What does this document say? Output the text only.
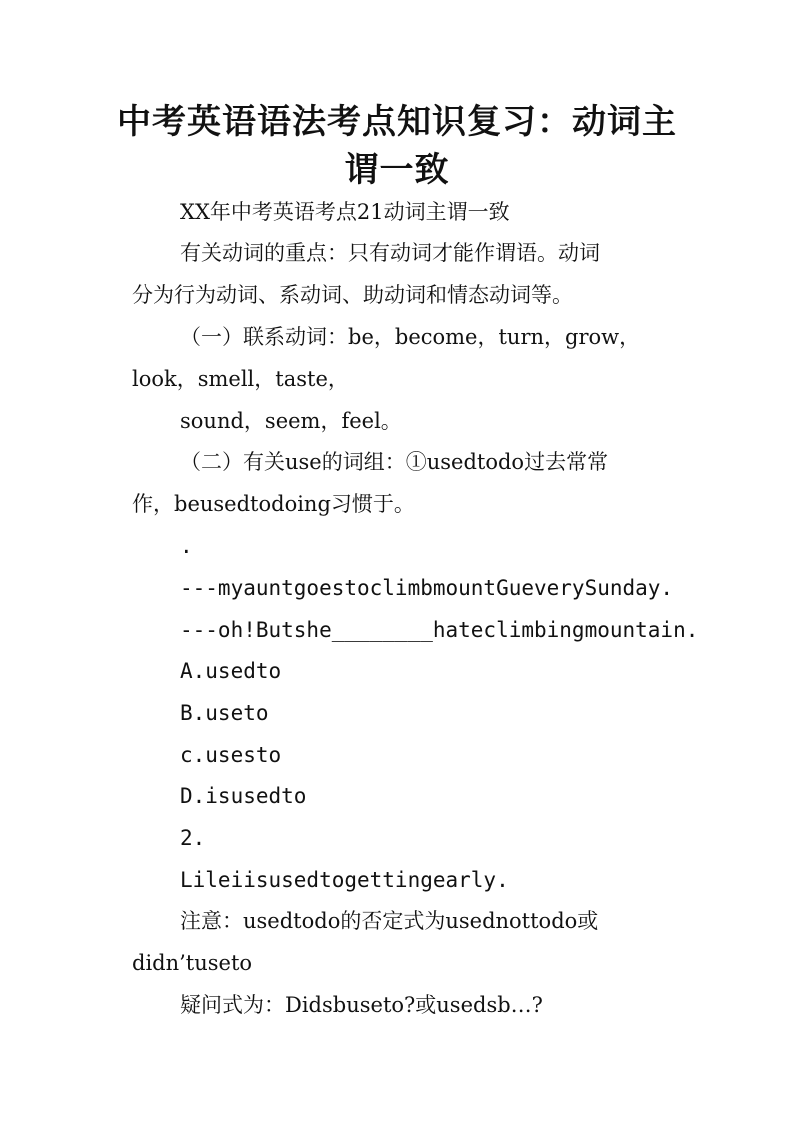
中考英语语法考点知识复习：动词主
谓一致

XX年中考英语考点21动词主谓一致

有关动词的重点：只有动词才能作谓语。动词

分为行为动词、系动词、助动词和情态动词等。

（一）联系动词：be，become，turn，grow，

look，smell，taste，

sound，seem，feel。

（二）有关use的词组：①usedtodo过去常常

作，beusedtodoing习惯于。

.

---myauntgoestoclimbmountGueverySunday.

---oh!Butshe________hateclimbingmountain.

A.usedto

B.useto

c.usesto

D.isusedto

2.

Lileiisusedtogettingearly.

注意：usedtodo的否定式为usednottodo或

didn’tuseto

疑问式为：Didsbuseto?或usedsb…?
